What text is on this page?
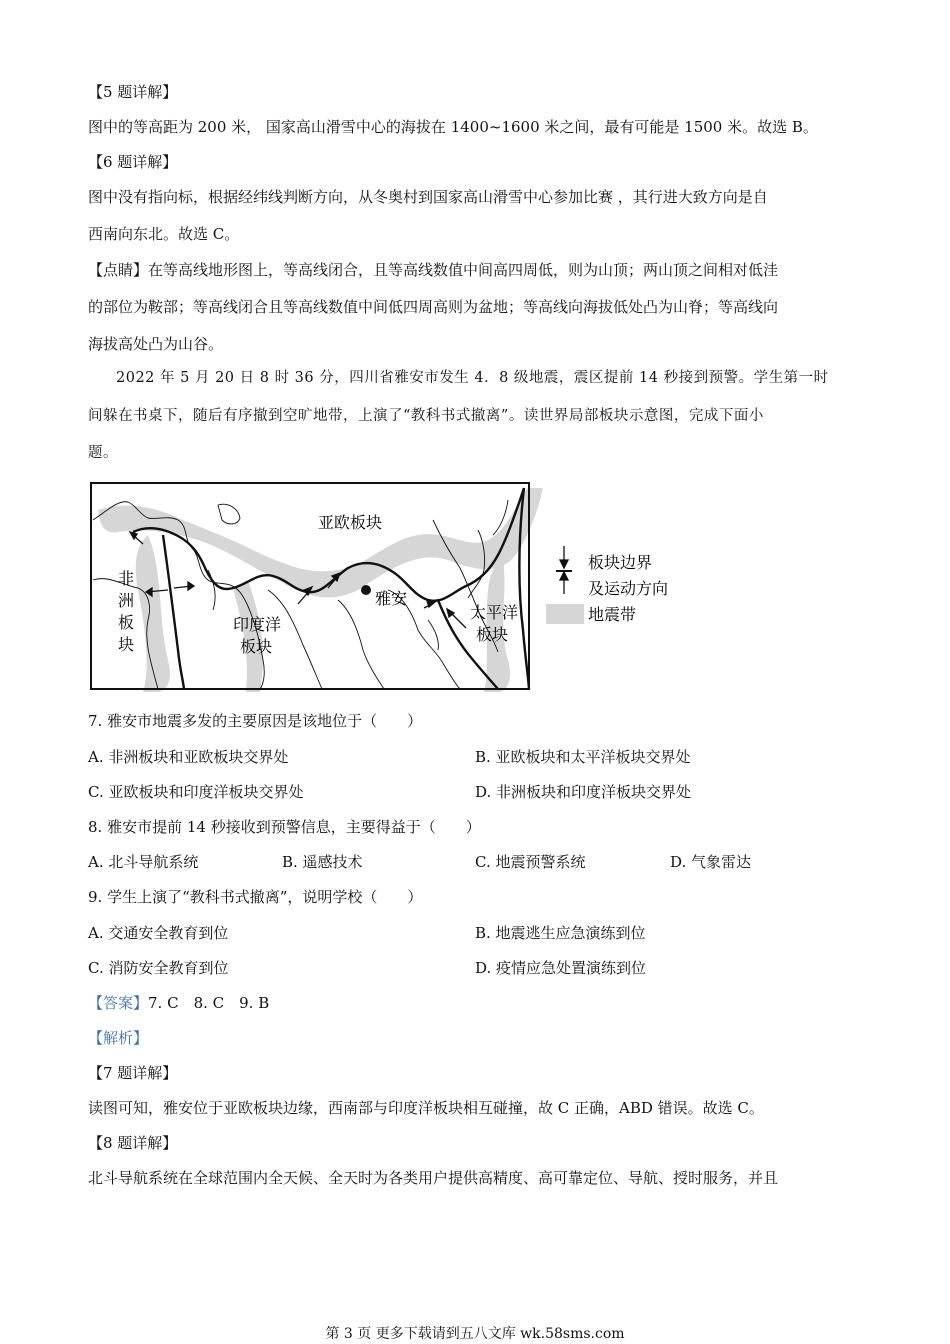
【5 题详解】
图中的等高距为 200 米， 国家高山滑雪中心的海拔在 1400~1600 米之间，最有可能是 1500 米。故选 B。
【6 题详解】
图中没有指向标，根据经纬线判断方向，从冬奥村到国家高山滑雪中心参加比赛 ，其行进大致方向是自
西南向东北。故选 C。
【点睛】在等高线地形图上，等高线闭合，且等高线数值中间高四周低，则为山顶；两山顶之间相对低洼
的部位为鞍部；等高线闭合且等高线数值中间低四周高则为盆地；等高线向海拔低处凸为山脊；等高线向
海拔高处凸为山谷。
2022 年 5 月 20 日 8 时 36 分，四川省雅安市发生 4．8 级地震，震区提前 14 秒接到预警。学生第一时
间躲在书桌下，随后有序撤到空旷地带，上演了“教科书式撤离”。读世界局部板块示意图，完成下面小
题。
亚欧板块
非
洲
板
块
印度洋
板块
雅安
太平洋
板块
板块边界
及运动方向
地震带
7. 雅安市地震多发的主要原因是该地位于（　　）
A. 非洲板块和亚欧板块交界处	B. 亚欧板块和太平洋板块交界处
C. 亚欧板块和印度洋板块交界处	D. 非洲板块和印度洋板块交界处
8. 雅安市提前 14 秒接收到预警信息，主要得益于（　　）
A. 北斗导航系统	B. 遥感技术	C. 地震预警系统	D. 气象雷达
9. 学生上演了“教科书式撤离”，说明学校（　　）
A. 交通安全教育到位	B. 地震逃生应急演练到位
C. 消防安全教育到位	D. 疫情应急处置演练到位
【答案】7. C　8. C　9. B
【解析】
【7 题详解】
读图可知，雅安位于亚欧板块边缘，西南部与印度洋板块相互碰撞，故 C 正确，ABD 错误。故选 C。
【8 题详解】
北斗导航系统在全球范围内全天候、全天时为各类用户提供高精度、高可靠定位、导航、授时服务，并且
第 3 页 更多下载请到五八文库 wk.58sms.com
